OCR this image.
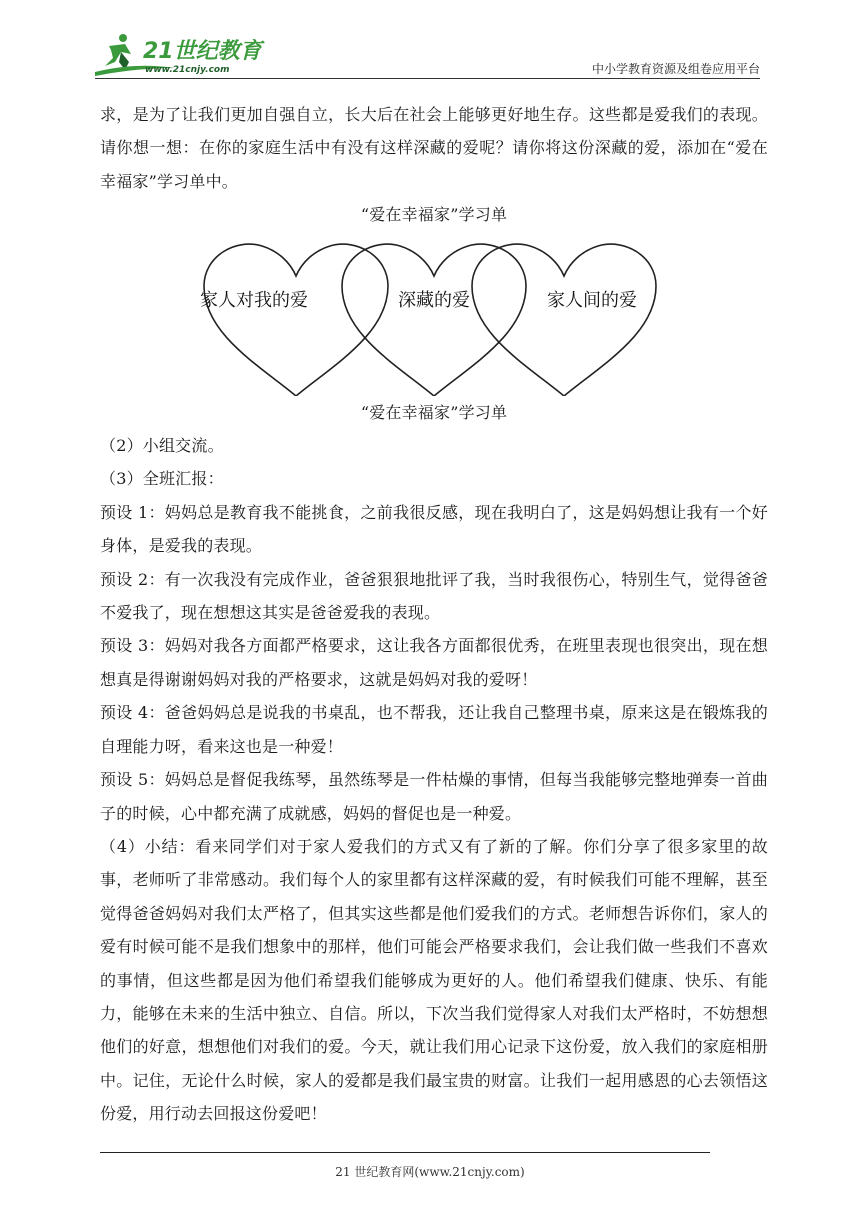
21世纪教育
www.21cnjy.com	中小学教育资源及组卷应用平台

求，是为了让我们更加自强自立，长大后在社会上能够更好地生存。这些都是爱我们的表现。请你想一想：在你的家庭生活中有没有这样深藏的爱呢？请你将这份深藏的爱，添加在“爱在幸福家”学习单中。

“爱在幸福家”学习单

家人对我的爱	深藏的爱	家人间的爱

“爱在幸福家”学习单

（2）小组交流。

（3）全班汇报：

预设 1：妈妈总是教育我不能挑食，之前我很反感，现在我明白了，这是妈妈想让我有一个好身体，是爱我的表现。

预设 2：有一次我没有完成作业，爸爸狠狠地批评了我，当时我很伤心，特别生气，觉得爸爸不爱我了，现在想想这其实是爸爸爱我的表现。

预设 3：妈妈对我各方面都严格要求，这让我各方面都很优秀，在班里表现也很突出，现在想想真是得谢谢妈妈对我的严格要求，这就是妈妈对我的爱呀！

预设 4：爸爸妈妈总是说我的书桌乱，也不帮我，还让我自己整理书桌，原来这是在锻炼我的自理能力呀，看来这也是一种爱！

预设 5：妈妈总是督促我练琴，虽然练琴是一件枯燥的事情，但每当我能够完整地弹奏一首曲子的时候，心中都充满了成就感，妈妈的督促也是一种爱。

（4）小结：看来同学们对于家人爱我们的方式又有了新的了解。你们分享了很多家里的故事，老师听了非常感动。我们每个人的家里都有这样深藏的爱，有时候我们可能不理解，甚至觉得爸爸妈妈对我们太严格了，但其实这些都是他们爱我们的方式。老师想告诉你们，家人的爱有时候可能不是我们想象中的那样，他们可能会严格要求我们，会让我们做一些我们不喜欢的事情，但这些都是因为他们希望我们能够成为更好的人。他们希望我们健康、快乐、有能力，能够在未来的生活中独立、自信。所以，下次当我们觉得家人对我们太严格时，不妨想想他们的好意，想想他们对我们的爱。今天，就让我们用心记录下这份爱，放入我们的家庭相册中。记住，无论什么时候，家人的爱都是我们最宝贵的财富。让我们一起用感恩的心去领悟这份爱，用行动去回报这份爱吧！

21 世纪教育网(www.21cnjy.com)
